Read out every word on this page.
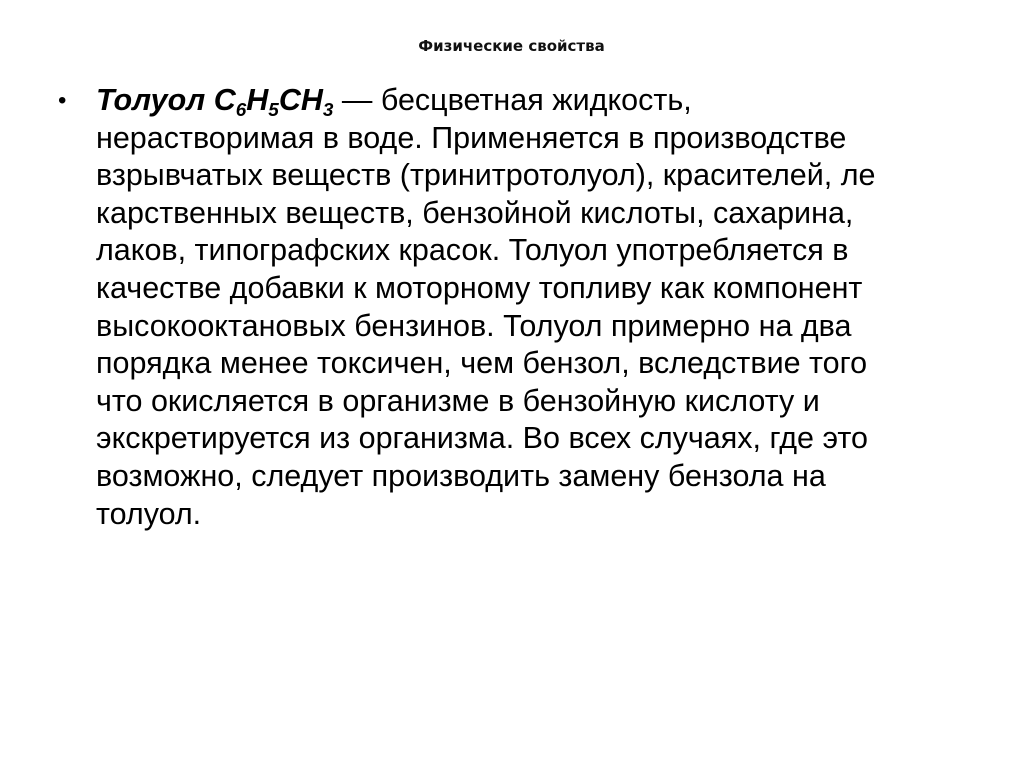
Физические свойства
• Толуол $C_6H_5CH_3$ — бесцветная жидкость,
нерастворимая в воде. Применяется в производстве
взрывчатых веществ (тринитротолуол), красителей, ле
карственных веществ, бензойной кислоты, сахарина,
лаков, типографских красок. Толуол употребляется в
качестве добавки к моторному топливу как компонент
высокооктановых бензинов. Толуол примерно на два
порядка менее токсичен, чем бензол, вследствие того
что окисляется в организме в бензойную кислоту и
экскретируется из организма. Во всех случаях, где это
возможно, следует производить замену бензола на
толуол.
